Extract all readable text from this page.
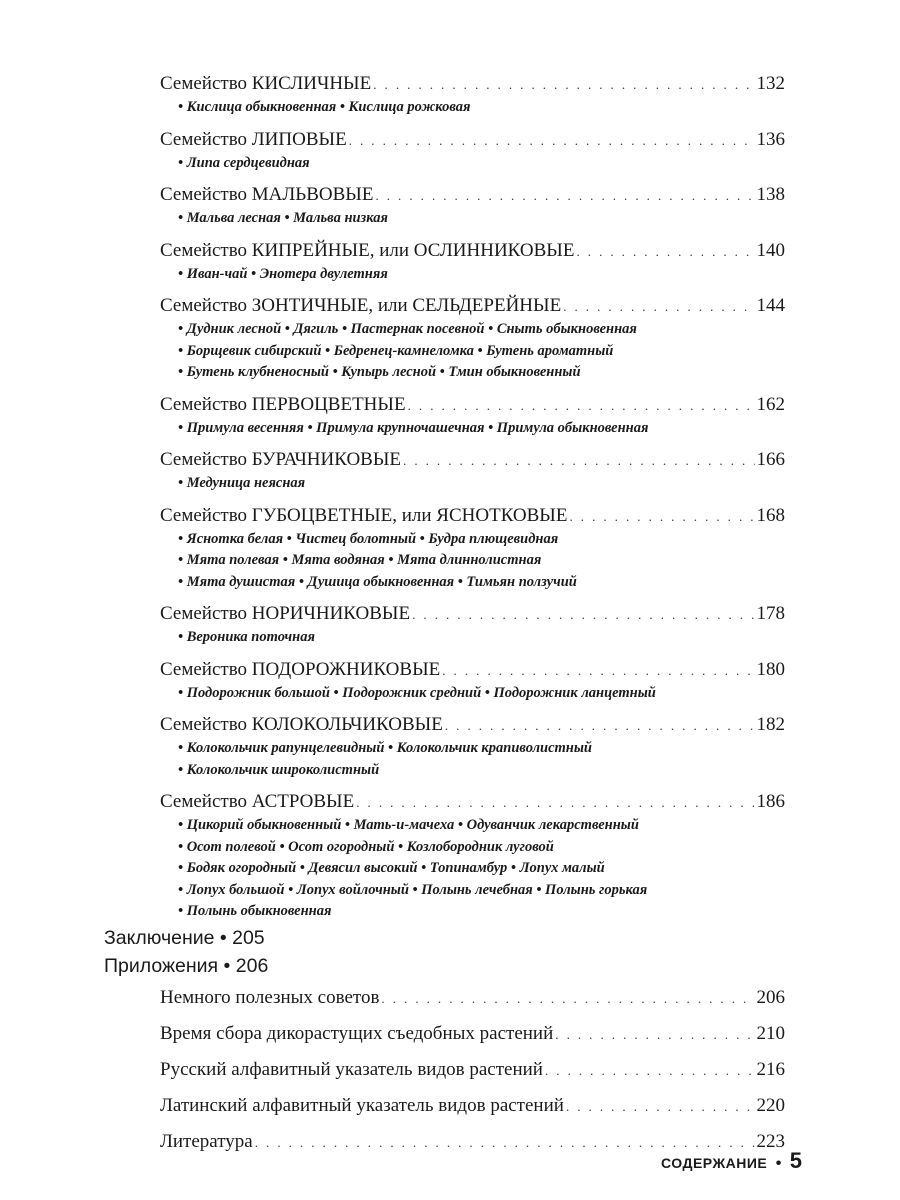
Семейство КИСЛИЧНЫЕ . . .	132
• Кислица обыкновенная • Кислица рожковая
Семейство ЛИПОВЫЕ . . .	136
• Липа сердцевидная
Семейство МАЛЬВОВЫЕ . . .	138
• Мальва лесная • Мальва низкая
Семейство КИПРЕЙНЫЕ, или ОСЛИННИКОВЫЕ . . .	140
• Иван-чай • Энотера двулетняя
Семейство ЗОНТИЧНЫЕ, или СЕЛЬДЕРЕЙНЫЕ . . .	144
• Дудник лесной • Дягиль • Пастернак посевной • Сныть обыкновенная
• Борщевик сибирский • Бедренец-камнеломка • Бутень ароматный
• Бутень клубненосный • Купырь лесной • Тмин обыкновенный
Семейство ПЕРВОЦВЕТНЫЕ . . .	162
• Примула весенняя • Примула крупночашечная • Примула обыкновенная
Семейство БУРАЧНИКОВЫЕ . . .	166
• Медуница неясная
Семейство ГУБОЦВЕТНЫЕ, или ЯСНОТКОВЫЕ . . .	168
• Яснотка белая • Чистец болотный • Будра плющевидная
• Мята полевая • Мята водяная • Мята длиннолистная
• Мята душистая • Душица обыкновенная • Тимьян ползучий
Семейство НОРИЧНИКОВЫЕ . . .	178
• Вероника поточная
Семейство ПОДОРОЖНИКОВЫЕ . . .	180
• Подорожник большой • Подорожник средний • Подорожник ланцетный
Семейство КОЛОКОЛЬЧИКОВЫЕ . . .	182
• Колокольчик рапунцелевидный • Колокольчик крапиволистный
• Колокольчик широколистный
Семейство АСТРОВЫЕ . . .	186
• Цикорий обыкновенный • Мать-и-мачеха • Одуванчик лекарственный
• Осот полевой • Осот огородный • Козлобородник луговой
• Бодяк огородный • Девясил высокий • Топинамбур • Лопух малый
• Лопух большой • Лопух войлочный • Полынь лечебная • Полынь горькая
• Полынь обыкновенная
Заключение • 205
Приложения • 206
Немного полезных советов . . .	206
Время сбора дикорастущих съедобных растений . . .	210
Русский алфавитный указатель видов растений . . .	216
Латинский алфавитный указатель видов растений . . .	220
Литература . . .	223
СОДЕРЖАНИЕ • 5
